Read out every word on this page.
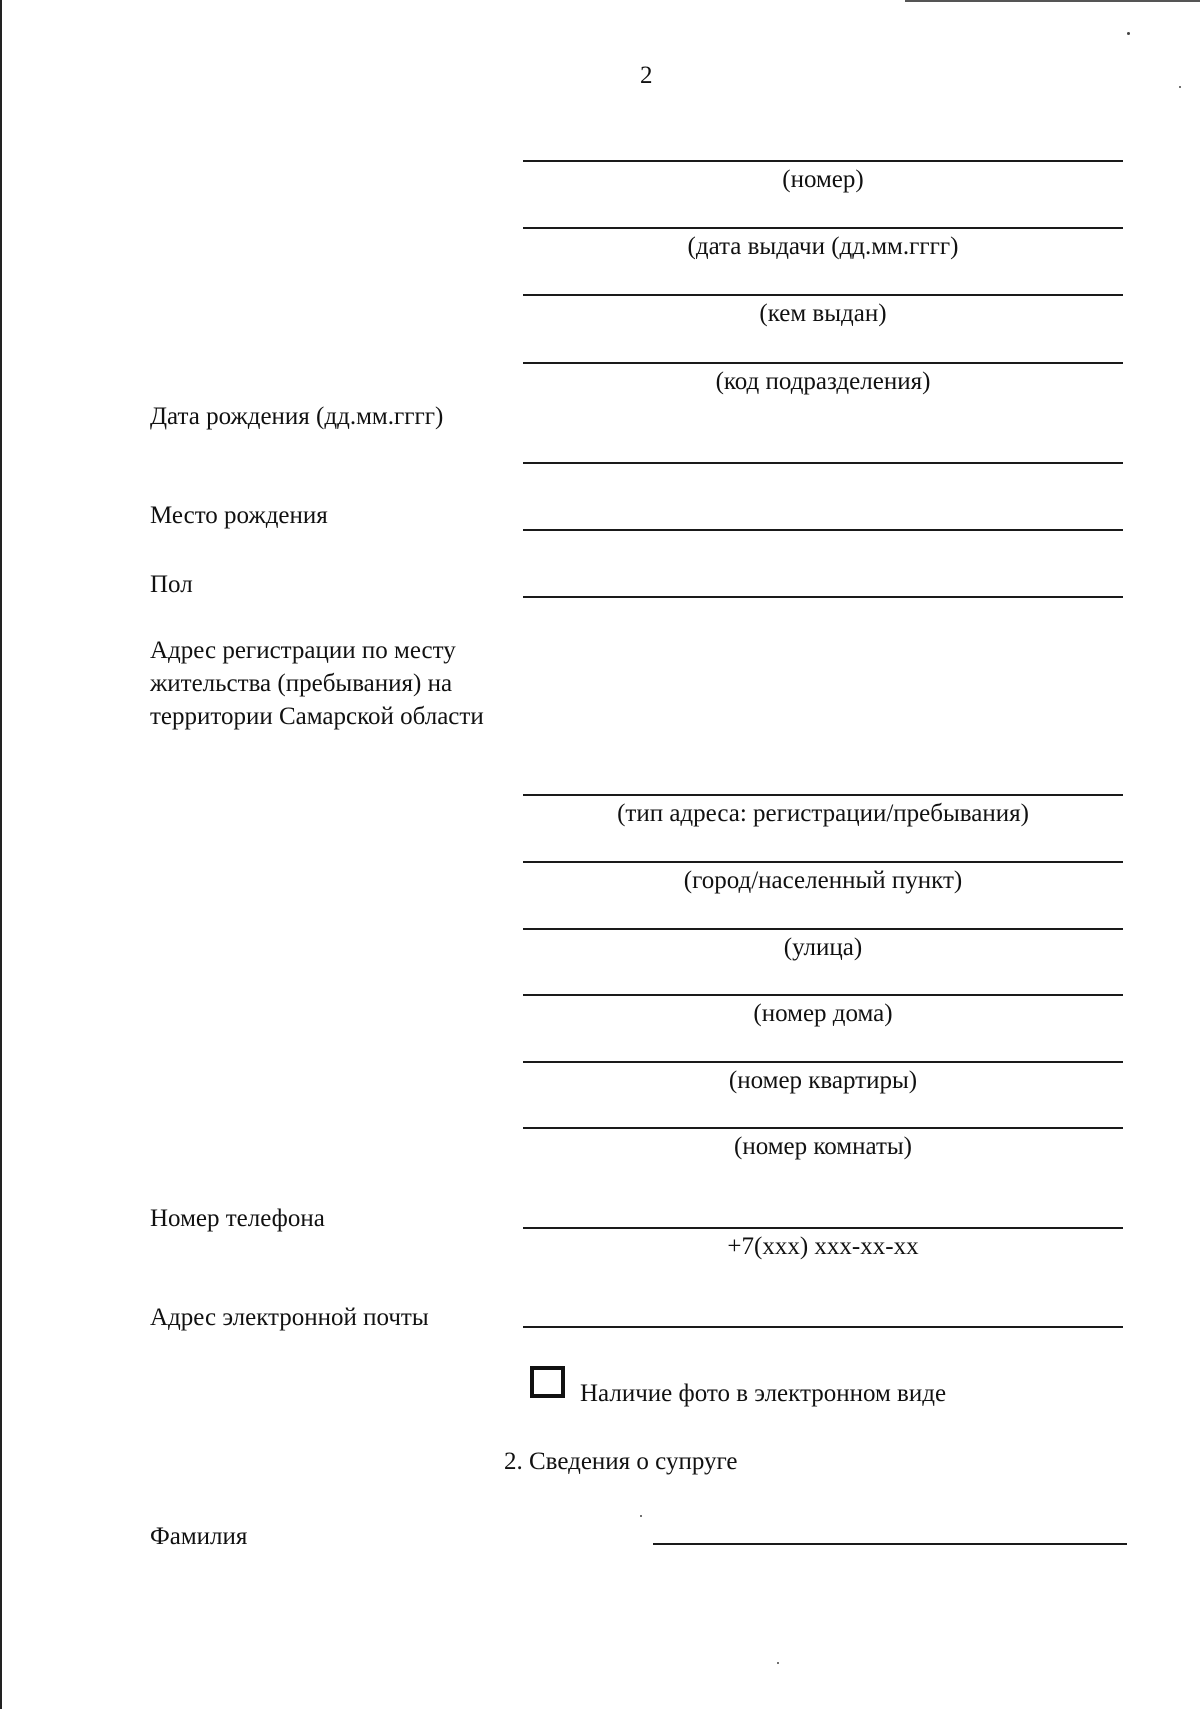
2
(номер)
(дата выдачи (дд.мм.гггг)
(кем выдан)
(код подразделения)
Дата рождения (дд.мм.гггг)
Место рождения
Пол
Адрес регистрации по месту жительства (пребывания) на территории Самарской области
(тип адреса: регистрации/пребывания)
(город/населенный пункт)
(улица)
(номер дома)
(номер квартиры)
(номер комнаты)
Номер телефона
+7(xxx) xxx-xx-xx
Адрес электронной почты
Наличие фото в электронном виде
2. Сведения о супруге
Фамилия
